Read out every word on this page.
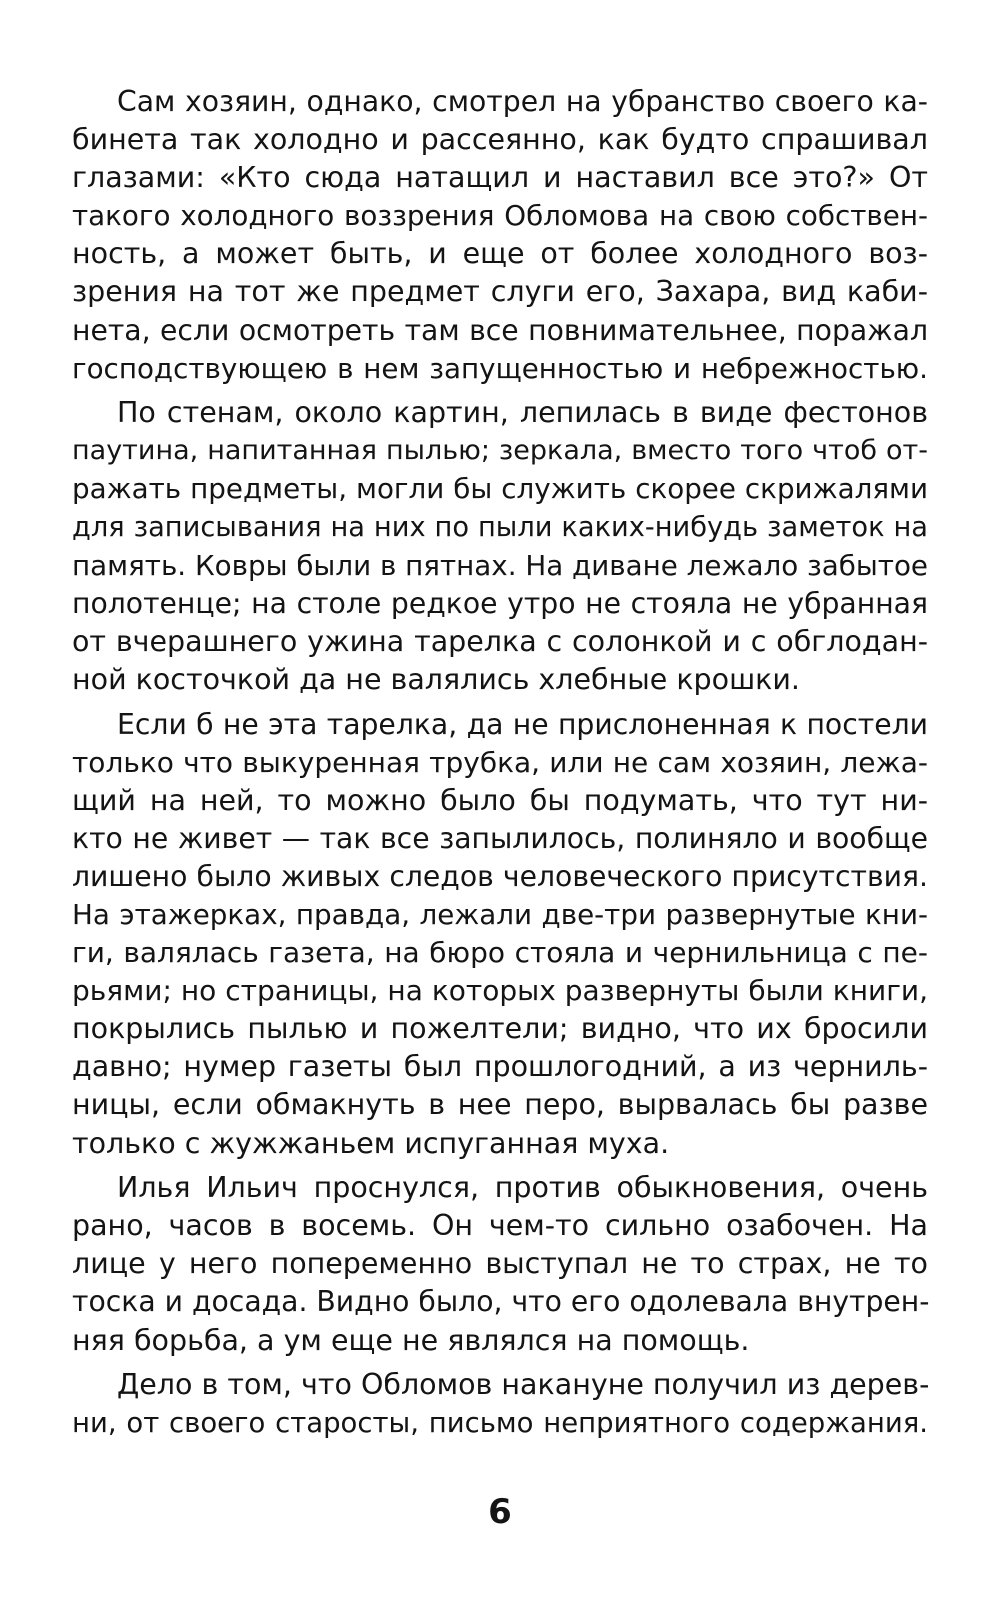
Сам хозяин, однако, смотрел на убранство своего ка-
бинета так холодно и рассеянно, как будто спрашивал
глазами: «Кто сюда натащил и наставил все это?» От
такого холодного воззрения Обломова на свою собствен-
ность, а может быть, и еще от более холодного воз-
зрения на тот же предмет слуги его, Захара, вид каби-
нета, если осмотреть там все повнимательнее, поражал
господствующею в нем запущенностью и небрежностью.
По стенам, около картин, лепилась в виде фестонов
паутина, напитанная пылью; зеркала, вместо того чтоб от-
ражать предметы, могли бы служить скорее скрижалями
для записывания на них по пыли каких-нибудь заметок на
память. Ковры были в пятнах. На диване лежало забытое
полотенце; на столе редкое утро не стояла не убранная
от вчерашнего ужина тарелка с солонкой и с обглодан-
ной косточкой да не валялись хлебные крошки.
Если б не эта тарелка, да не прислоненная к постели
только что выкуренная трубка, или не сам хозяин, лежа-
щий на ней, то можно было бы подумать, что тут ни-
кто не живет — так все запылилось, полиняло и вообще
лишено было живых следов человеческого присутствия.
На этажерках, правда, лежали две-три развернутые кни-
ги, валялась газета, на бюро стояла и чернильница с пе-
рьями; но страницы, на которых развернуты были книги,
покрылись пылью и пожелтели; видно, что их бросили
давно; нумер газеты был прошлогодний, а из черниль-
ницы, если обмакнуть в нее перо, вырвалась бы разве
только с жужжаньем испуганная муха.
Илья Ильич проснулся, против обыкновения, очень
рано, часов в восемь. Он чем-то сильно озабочен. На
лице у него попеременно выступал не то страх, не то
тоска и досада. Видно было, что его одолевала внутрен-
няя борьба, а ум еще не являлся на помощь.
Дело в том, что Обломов накануне получил из дерев-
ни, от своего старосты, письмо неприятного содержания.
6
